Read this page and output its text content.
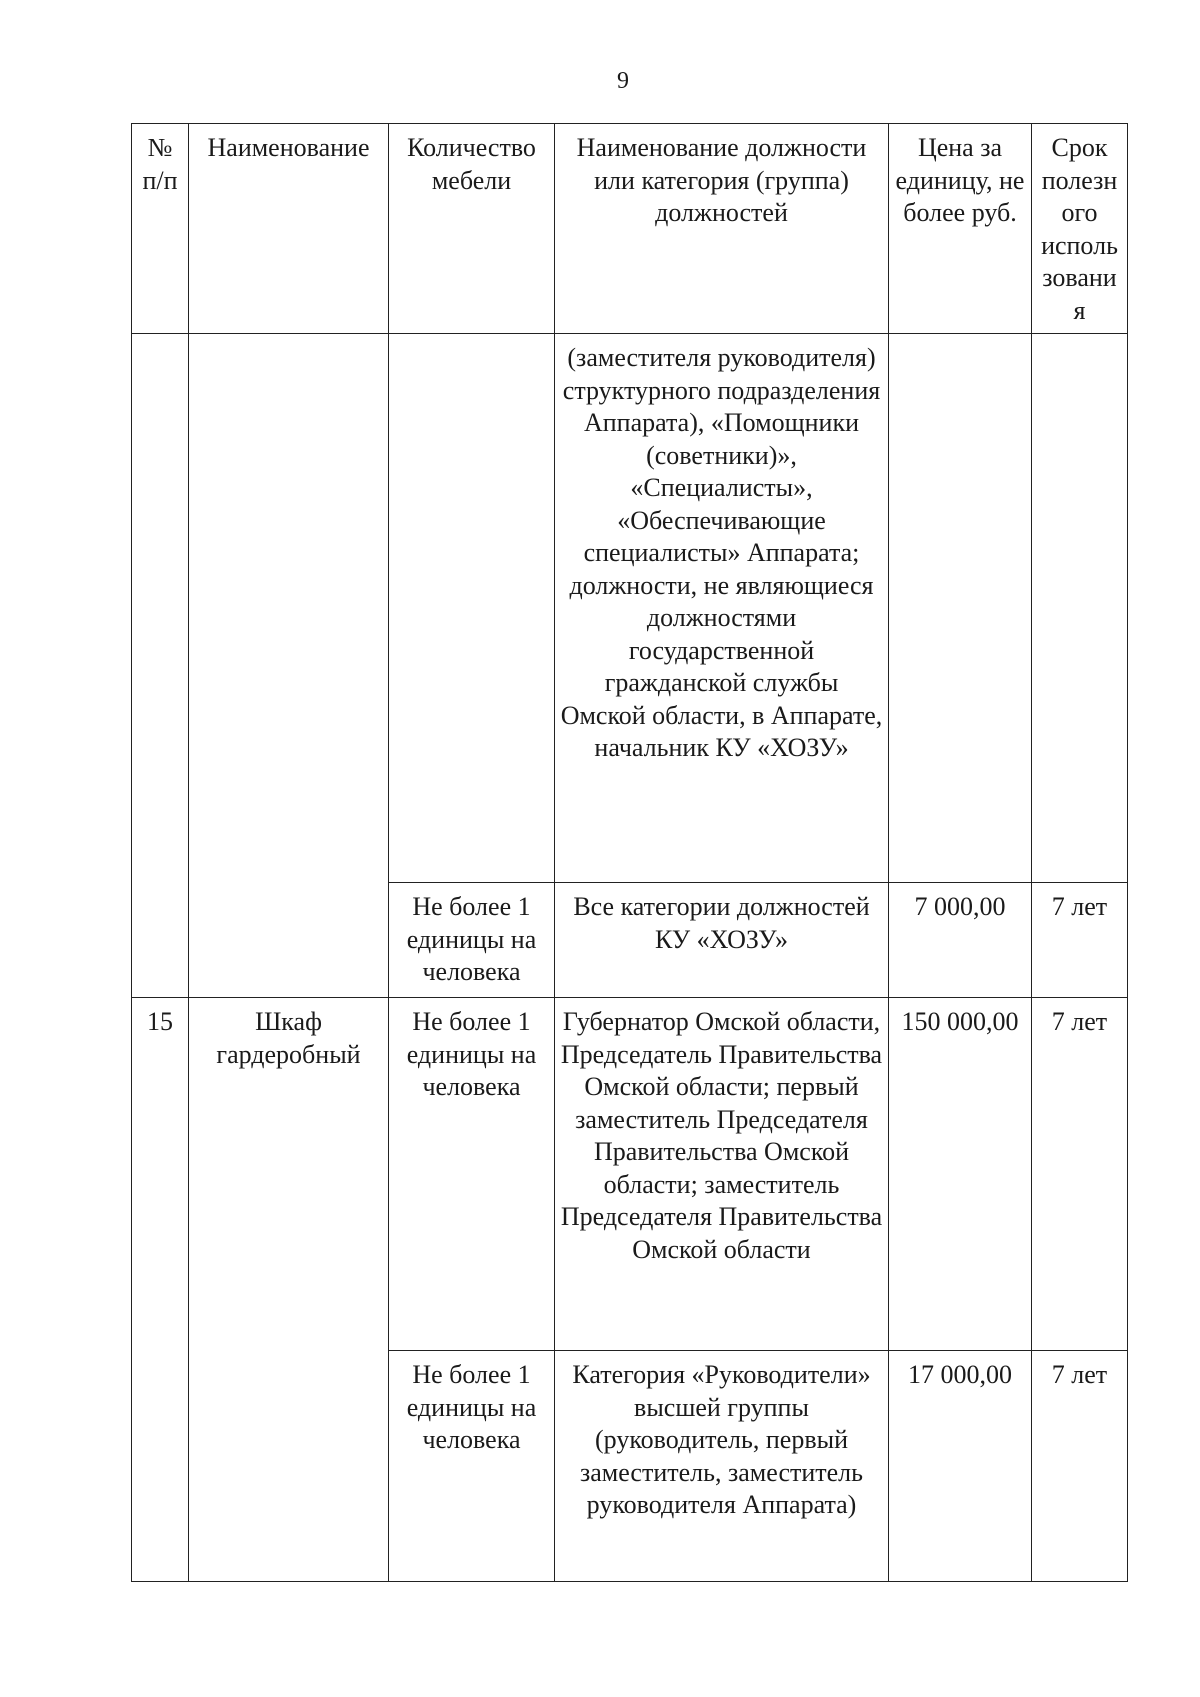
9
№ п/п	Наименование	Количество мебели	Наименование должности или категория (группа) должностей	Цена за единицу, не более руб.	Срок полезн ого исполь зовани я
			(заместителя руководителя) структурного подразделения Аппарата), «Помощники (советники)», «Специалисты», «Обеспечивающие специалисты» Аппарата; должности, не являющиеся должностями государственной гражданской службы Омской области, в Аппарате, начальник КУ «ХОЗУ»		
		Не более 1 единицы на человека	Все категории должностей КУ «ХОЗУ»	7 000,00	7 лет
15	Шкаф гардеробный	Не более 1 единицы на человека	Губернатор Омской области, Председатель Правительства Омской области; первый заместитель Председателя Правительства Омской области; заместитель Председателя Правительства Омской области	150 000,00	7 лет
		Не более 1 единицы на человека	Категория «Руководители» высшей группы (руководитель, первый заместитель, заместитель руководителя Аппарата)	17 000,00	7 лет
